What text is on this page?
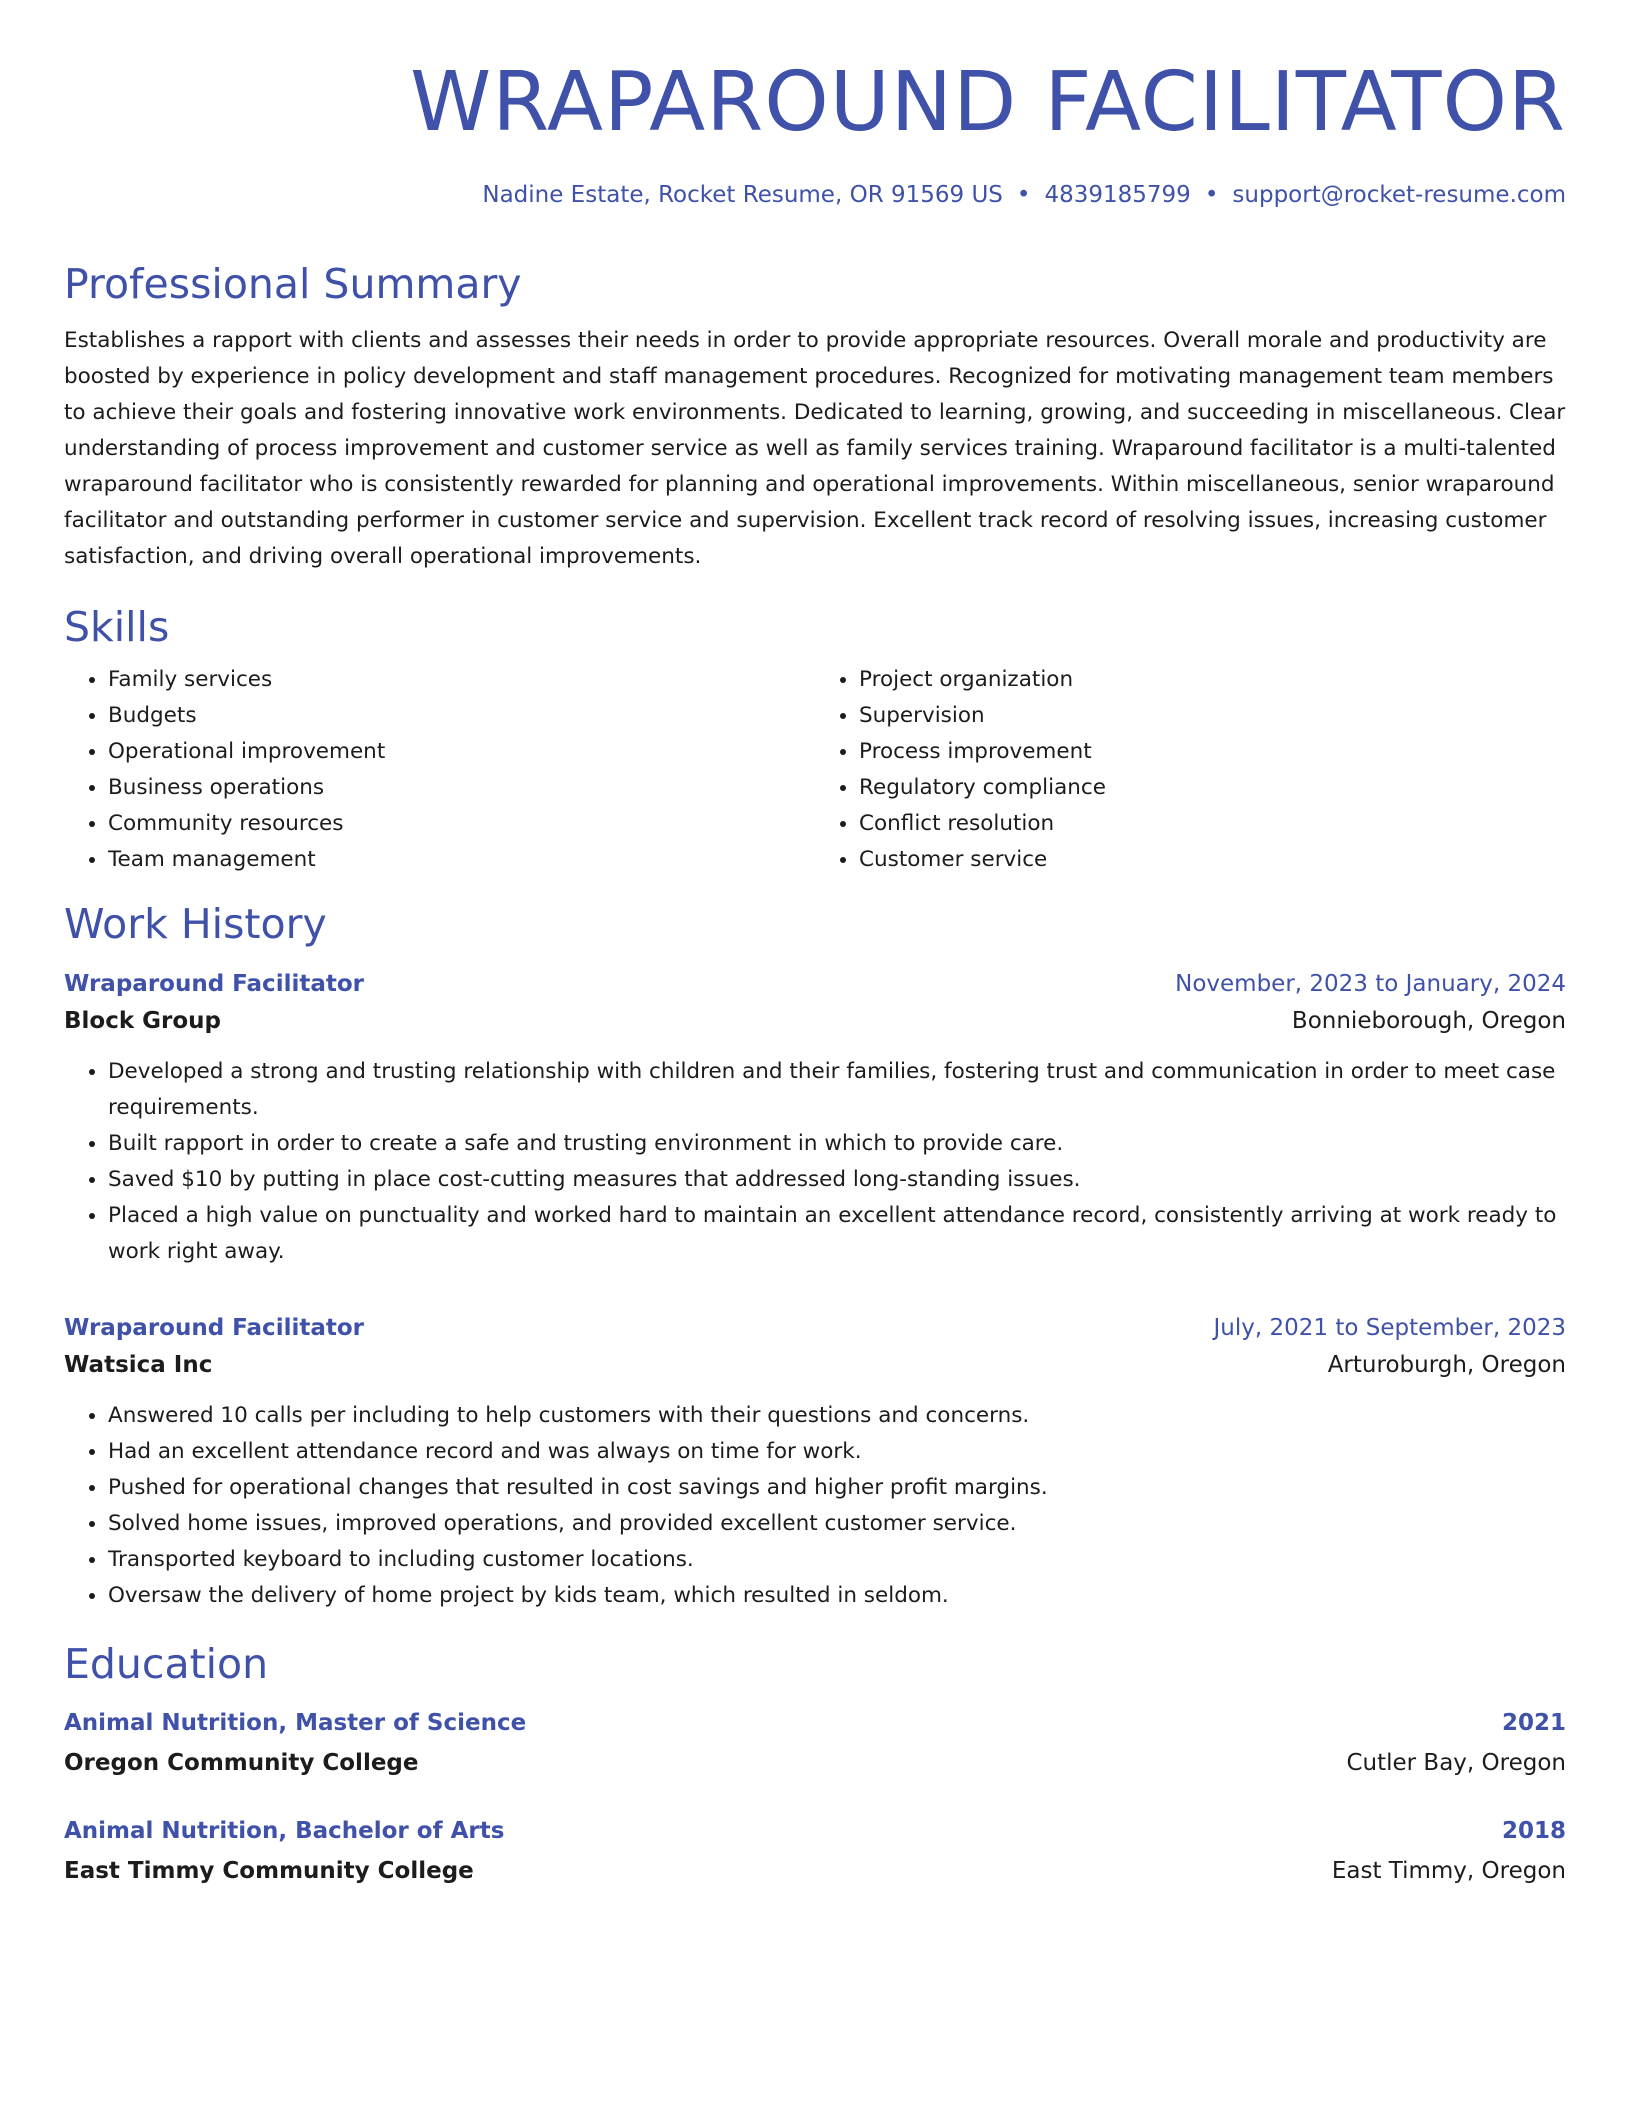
WRAPAROUND FACILITATOR
Nadine Estate, Rocket Resume, OR 91569 US • 4839185799 • support@rocket-resume.com
Professional Summary
Establishes a rapport with clients and assesses their needs in order to provide appropriate resources. Overall morale and productivity are boosted by experience in policy development and staff management procedures. Recognized for motivating management team members to achieve their goals and fostering innovative work environments. Dedicated to learning, growing, and succeeding in miscellaneous. Clear understanding of process improvement and customer service as well as family services training. Wraparound facilitator is a multi-talented wraparound facilitator who is consistently rewarded for planning and operational improvements. Within miscellaneous, senior wraparound facilitator and outstanding performer in customer service and supervision. Excellent track record of resolving issues, increasing customer satisfaction, and driving overall operational improvements.
Skills
• Family services
• Budgets
• Operational improvement
• Business operations
• Community resources
• Team management
• Project organization
• Supervision
• Process improvement
• Regulatory compliance
• Conflict resolution
• Customer service
Work History
Wraparound Facilitator	November, 2023 to January, 2024
Block Group	Bonnieborough, Oregon
• Developed a strong and trusting relationship with children and their families, fostering trust and communication in order to meet case requirements.
• Built rapport in order to create a safe and trusting environment in which to provide care.
• Saved $10 by putting in place cost-cutting measures that addressed long-standing issues.
• Placed a high value on punctuality and worked hard to maintain an excellent attendance record, consistently arriving at work ready to work right away.
Wraparound Facilitator	July, 2021 to September, 2023
Watsica Inc	Arturoburgh, Oregon
• Answered 10 calls per including to help customers with their questions and concerns.
• Had an excellent attendance record and was always on time for work.
• Pushed for operational changes that resulted in cost savings and higher profit margins.
• Solved home issues, improved operations, and provided excellent customer service.
• Transported keyboard to including customer locations.
• Oversaw the delivery of home project by kids team, which resulted in seldom.
Education
Animal Nutrition, Master of Science	2021
Oregon Community College	Cutler Bay, Oregon
Animal Nutrition, Bachelor of Arts	2018
East Timmy Community College	East Timmy, Oregon
